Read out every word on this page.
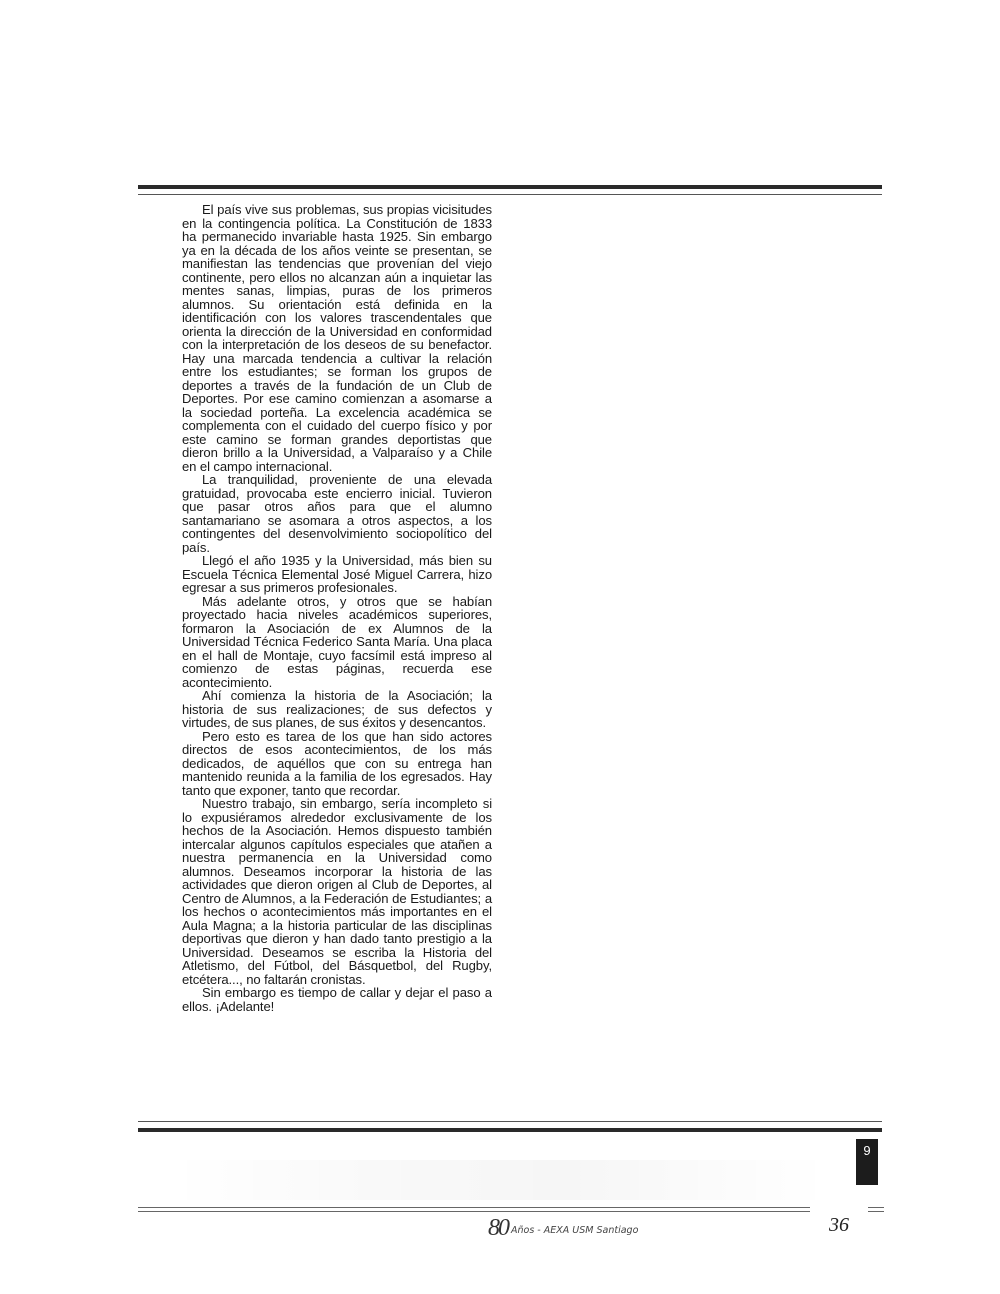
El país vive sus problemas, sus propias vicisitudes en la contingencia política. La Constitución de 1833 ha permanecido invariable hasta 1925. Sin embargo ya en la década de los años veinte se presentan, se manifiestan las tendencias que provenían del viejo continente, pero ellos no alcanzan aún a inquietar las mentes sanas, limpias, puras de los primeros alumnos. Su orientación está definida en la identificación con los valores trascendentales que orienta la dirección de la Universidad en conformidad con la interpretación de los deseos de su benefactor. Hay una marcada tendencia a cultivar la relación entre los estudiantes; se forman los grupos de deportes a través de la fundación de un Club de Deportes. Por ese camino comienzan a asomarse a la sociedad porteña. La excelencia académica se complementa con el cuidado del cuerpo físico y por este camino se forman grandes deportistas que dieron brillo a la Universidad, a Valparaíso y a Chile en el campo internacional.

La tranquilidad, proveniente de una elevada gratuidad, provocaba este encierro inicial. Tuvieron que pasar otros años para que el alumno santamariano se asomara a otros aspectos, a los contingentes del desenvolvimiento sociopolítico del país.

Llegó el año 1935 y la Universidad, más bien su Escuela Técnica Elemental José Miguel Carrera, hizo egresar a sus primeros profesionales.

Más adelante otros, y otros que se habían proyectado hacia niveles académicos superiores, formaron la Asociación de ex Alumnos de la Universidad Técnica Federico Santa María. Una placa en el hall de Montaje, cuyo facsímil está impreso al comienzo de estas páginas, recuerda ese acontecimiento.

Ahí comienza la historia de la Asociación; la historia de sus realizaciones; de sus defectos y virtudes, de sus planes, de sus éxitos y desencantos.

Pero esto es tarea de los que han sido actores directos de esos acontecimientos, de los más dedicados, de aquéllos que con su entrega han mantenido reunida a la familia de los egresados. Hay tanto que exponer, tanto que recordar.

Nuestro trabajo, sin embargo, sería incompleto si lo expusiéramos alrededor exclusivamente de los hechos de la Asociación. Hemos dispuesto también intercalar algunos capítulos especiales que atañen a nuestra permanencia en la Universidad como alumnos. Deseamos incorporar la historia de las actividades que dieron origen al Club de Deportes, al Centro de Alumnos, a la Federación de Estudiantes; a los hechos o acontecimientos más importantes en el Aula Magna; a la historia particular de las disciplinas deportivas que dieron y han dado tanto prestigio a la Universidad. Deseamos se escriba la Historia del Atletismo, del Fútbol, del Básquetbol, del Rugby, etcétera..., no faltarán cronistas.

Sin embargo es tiempo de callar y dejar el paso a ellos. ¡Adelante!

9
80 Años - AEXA USM Santiago	36
